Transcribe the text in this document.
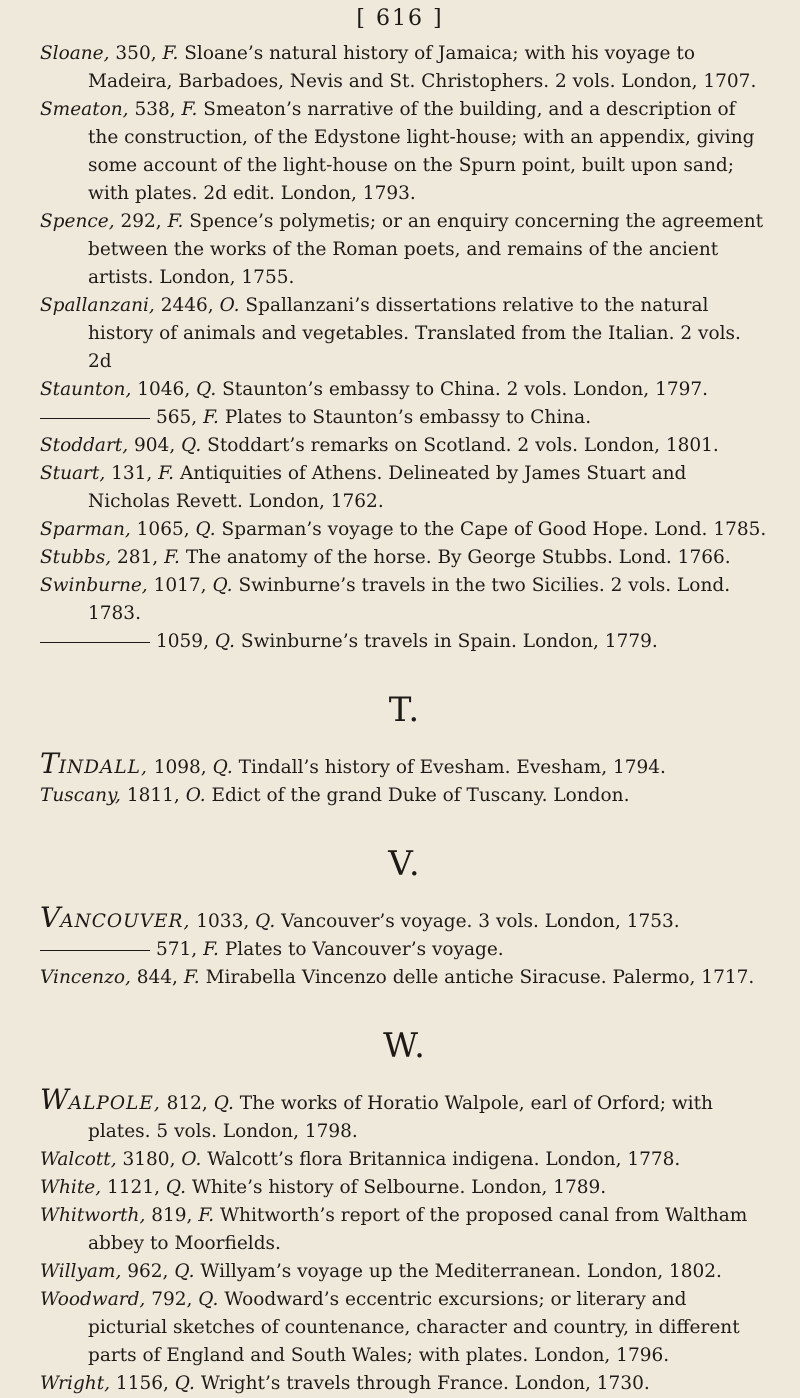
[ 616 ]
Sloane, 350, F. Sloane’s natural history of Jamaica; with his voyage to Madeira, Barbadoes, Nevis and St. Christophers. 2 vols. London, 1707.
Smeaton, 538, F. Smeaton’s narrative of the building, and a description of the construction, of the Edystone light-house; with an appendix, giving some account of the light-house on the Spurn point, built upon sand; with plates. 2d edit. London, 1793.
Spence, 292, F. Spence’s polymetis; or an enquiry concerning the agreement between the works of the Roman poets, and remains of the ancient artists. London, 1755.
Spallanzani, 2446, O. Spallanzani’s dissertations relative to the natural history of animals and vegetables. Translated from the Italian. 2 vols. 2d
Staunton, 1046, Q. Staunton’s embassy to China. 2 vols. London, 1797.
565, F. Plates to Staunton’s embassy to China.
Stoddart, 904, Q. Stoddart’s remarks on Scotland. 2 vols. London, 1801.
Stuart, 131, F. Antiquities of Athens. Delineated by James Stuart and Nicholas Revett. London, 1762.
Sparman, 1065, Q. Sparman’s voyage to the Cape of Good Hope. Lond. 1785.
Stubbs, 281, F. The anatomy of the horse. By George Stubbs. Lond. 1766.
Swinburne, 1017, Q. Swinburne’s travels in the two Sicilies. 2 vols. Lond. 1783.
1059, Q. Swinburne’s travels in Spain. London, 1779.
T.
TINDALL, 1098, Q. Tindall’s history of Evesham. Evesham, 1794.
Tuscany, 1811, O. Edict of the grand Duke of Tuscany. London.
V.
VANCOUVER, 1033, Q. Vancouver’s voyage. 3 vols. London, 1753.
571, F. Plates to Vancouver’s voyage.
Vincenzo, 844, F. Mirabella Vincenzo delle antiche Siracuse. Palermo, 1717.
W.
WALPOLE, 812, Q. The works of Horatio Walpole, earl of Orford; with plates. 5 vols. London, 1798.
Walcott, 3180, O. Walcott’s flora Britannica indigena. London, 1778.
White, 1121, Q. White’s history of Selbourne. London, 1789.
Whitworth, 819, F. Whitworth’s report of the proposed canal from Waltham abbey to Moorfields.
Willyam, 962, Q. Willyam’s voyage up the Mediterranean. London, 1802.
Woodward, 792, Q. Woodward’s eccentric excursions; or literary and picturial sketches of countenance, character and country, in different parts of England and South Wales; with plates. London, 1796.
Wright, 1156, Q. Wright’s travels through France. London, 1730.
